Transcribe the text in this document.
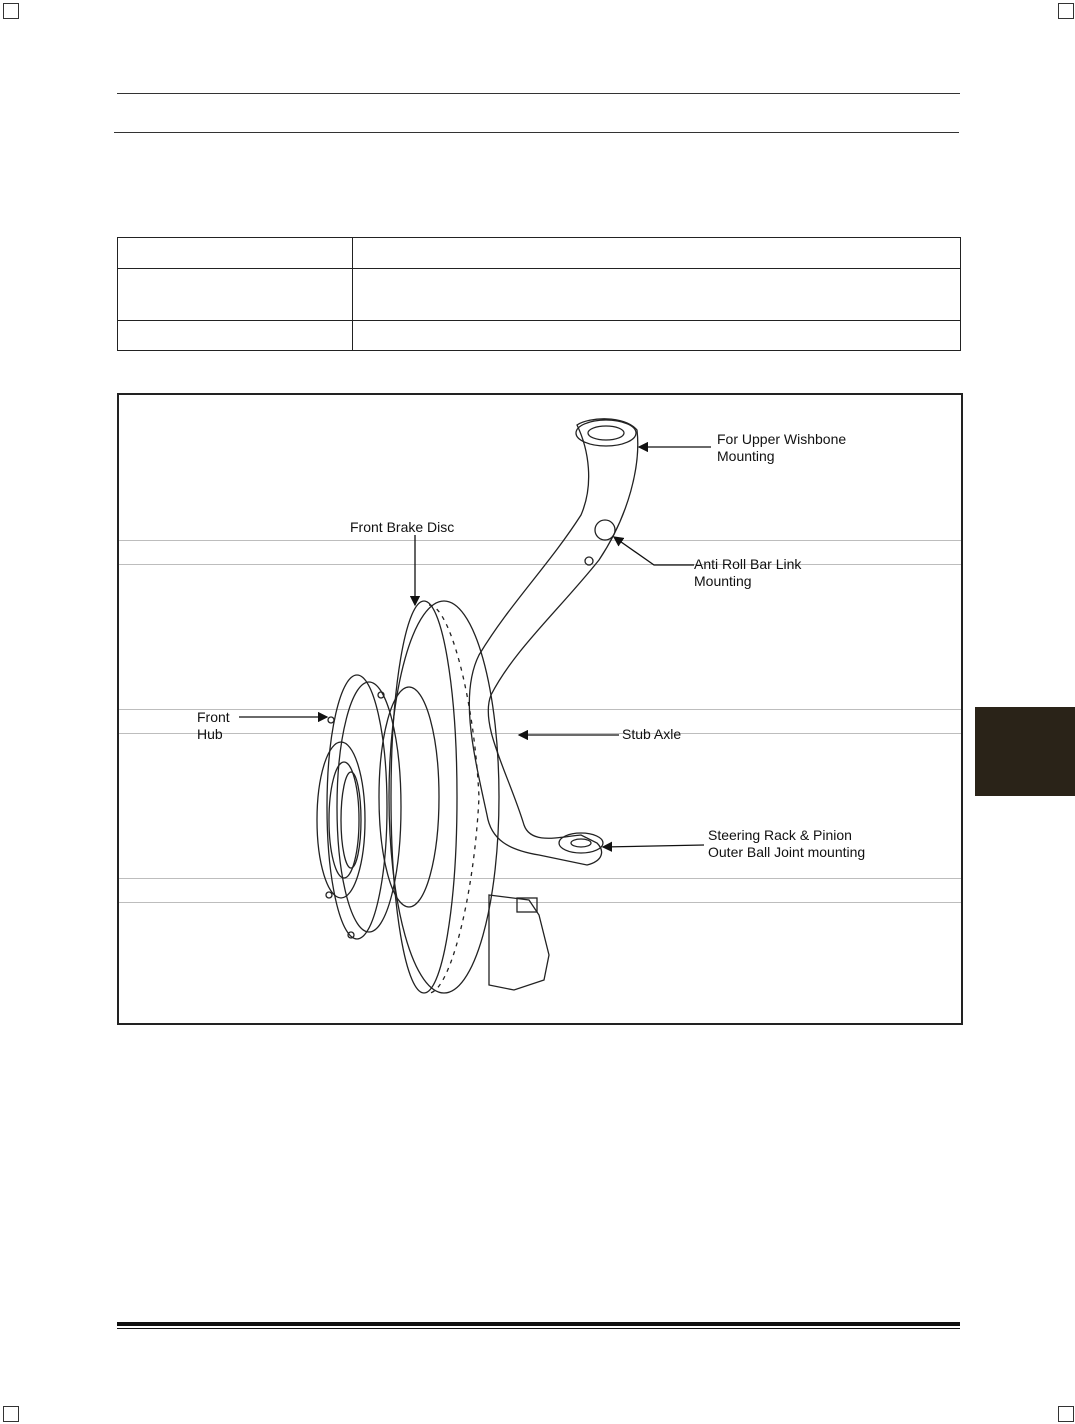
For Upper Wishbone
Mounting
Front Brake Disc
Anti Roll Bar Link
Mounting
Front
Hub	Stub Axle
Steering Rack & Pinion
Outer Ball Joint mounting
